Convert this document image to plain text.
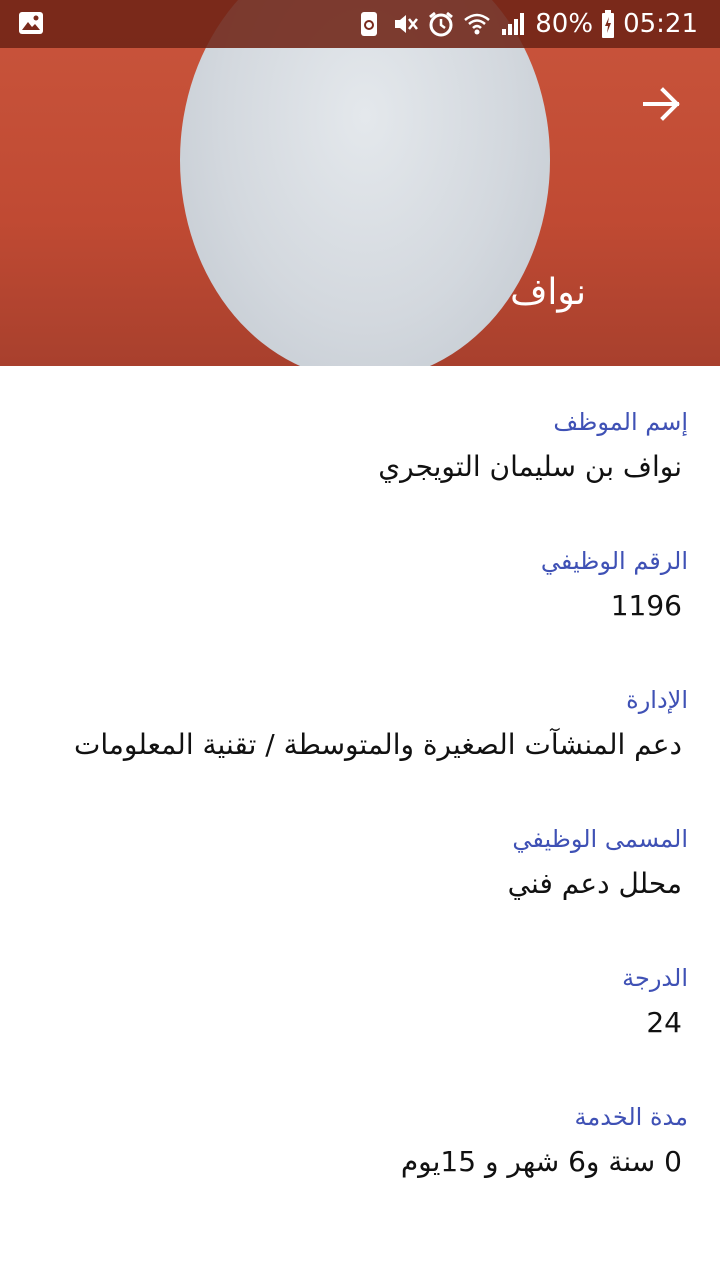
نواف
80% 05:21
إسم الموظف
نواف بن سليمان التويجري
الرقم الوظيفي
1196
الإدارة
دعم المنشآت الصغيرة والمتوسطة / تقنية المعلومات
المسمى الوظيفي
محلل دعم فني
الدرجة
24
مدة الخدمة
0 سنة و6 شهر و 15يوم
